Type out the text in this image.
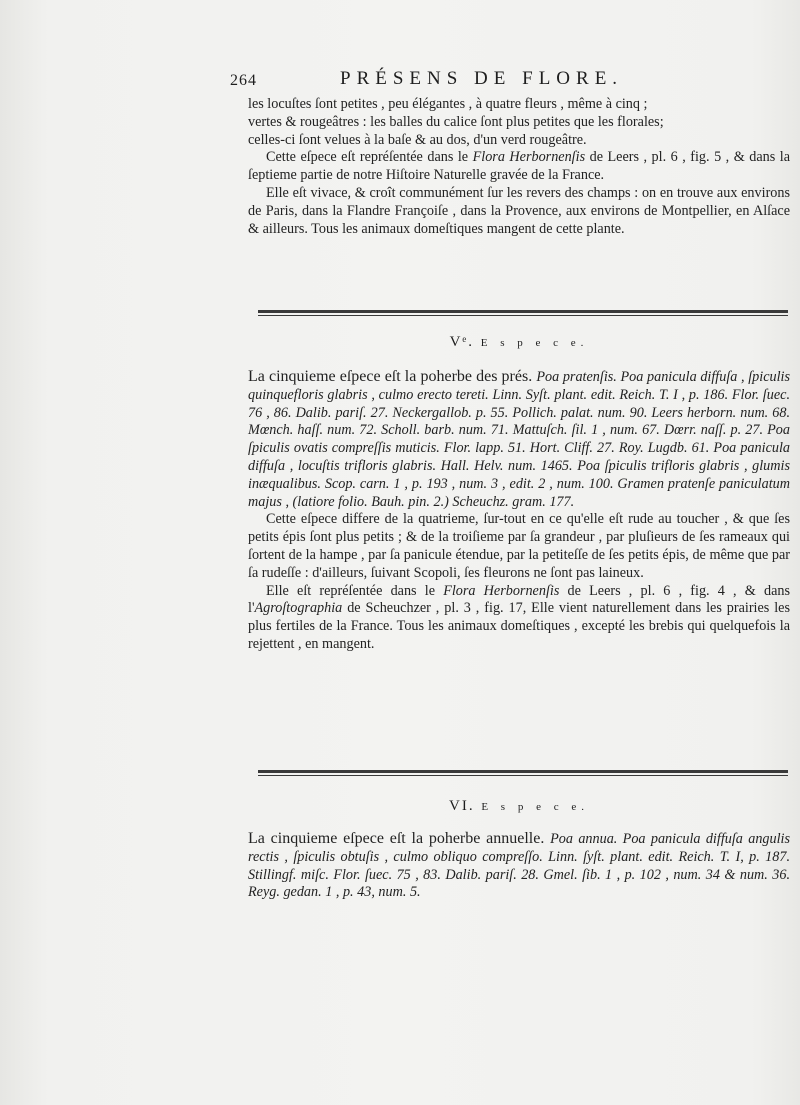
264	PRÉSENS DE FLORE.

les locuſtes ſont petites , peu élégantes , à quatre fleurs , même à cinq ;
vertes & rougeâtres : les balles du calice ſont plus petites que les florales;
celles-ci ſont velues à la baſe & au dos, d'un verd rougeâtre.

Cette eſpece eſt repréſentée dans le Flora Herbornenſis de Leers , pl. 6 , fig. 5 , & dans la ſeptieme partie de notre Hiſtoire Naturelle gravée de la France.

Elle eſt vivace, & croît communément ſur les revers des champs : on en trouve aux environs de Paris, dans la Flandre Françoiſe , dans la Provence, aux environs de Montpellier, en Alſace & ailleurs. Tous les animaux domeſtiques mangent de cette plante.

Vᵉ. E s p e c e.

La cinquieme eſpece eſt la poherbe des prés. Poa pratenſis. Poa panicula diffuſa , ſpiculis quinquefloris glabris , culmo erecto tereti. Linn. Syſt. plant. edit. Reich. T. I , p. 186. Flor. ſuec. 76 , 86. Dalib. pariſ. 27. Neckergallob. p. 55. Pollich. palat. num. 90. Leers herborn. num. 68. Mœnch. haſſ. num. 72. Scholl. barb. num. 71. Mattuſch. ſil. 1 , num. 67. Dœrr. naſſ. p. 27. Poa ſpiculis ovatis compreſſis muticis. Flor. lapp. 51. Hort. Cliff. 27. Roy. Lugdb. 61. Poa panicula diffuſa , locuſtis trifloris glabris. Hall. Helv. num. 1465. Poa ſpiculis trifloris glabris , glumis inæqualibus. Scop. carn. 1 , p. 193 , num. 3 , edit. 2 , num. 100. Gramen pratenſe paniculatum majus , (latiore folio. Bauh. pin. 2.) Scheuchz. gram. 177.

Cette eſpece differe de la quatrieme, ſur-tout en ce qu'elle eſt rude au toucher , & que ſes petits épis ſont plus petits ; & de la troiſieme par ſa grandeur , par pluſieurs de ſes rameaux qui ſortent de la hampe , par ſa panicule étendue, par la petiteſſe de ſes petits épis, de même que par ſa rudeſſe : d'ailleurs, ſuivant Scopoli, ſes fleurons ne ſont pas laineux.

Elle eſt repréſentée dans le Flora Herbornenſis de Leers , pl. 6 , fig. 4 , & dans l'Agroſtographia de Scheuchzer , pl. 3 , fig. 17, Elle vient naturellement dans les prairies les plus fertiles de la France. Tous les animaux domeſtiques , excepté les brebis qui quelquefois la rejettent , en mangent.

VI. E s p e c e.

La cinquieme eſpece eſt la poherbe annuelle. Poa annua. Poa panicula diffuſa angulis rectis , ſpiculis obtuſis , culmo obliquo compreſſo. Linn. ſyſt. plant. edit. Reich. T. I, p. 187. Stillingf. miſc. Flor. ſuec. 75 , 83. Dalib. pariſ. 28. Gmel. ſib. 1 , p. 102 , num. 34 & num. 36. Reyg. gedan. 1 , p. 43, num. 5.
